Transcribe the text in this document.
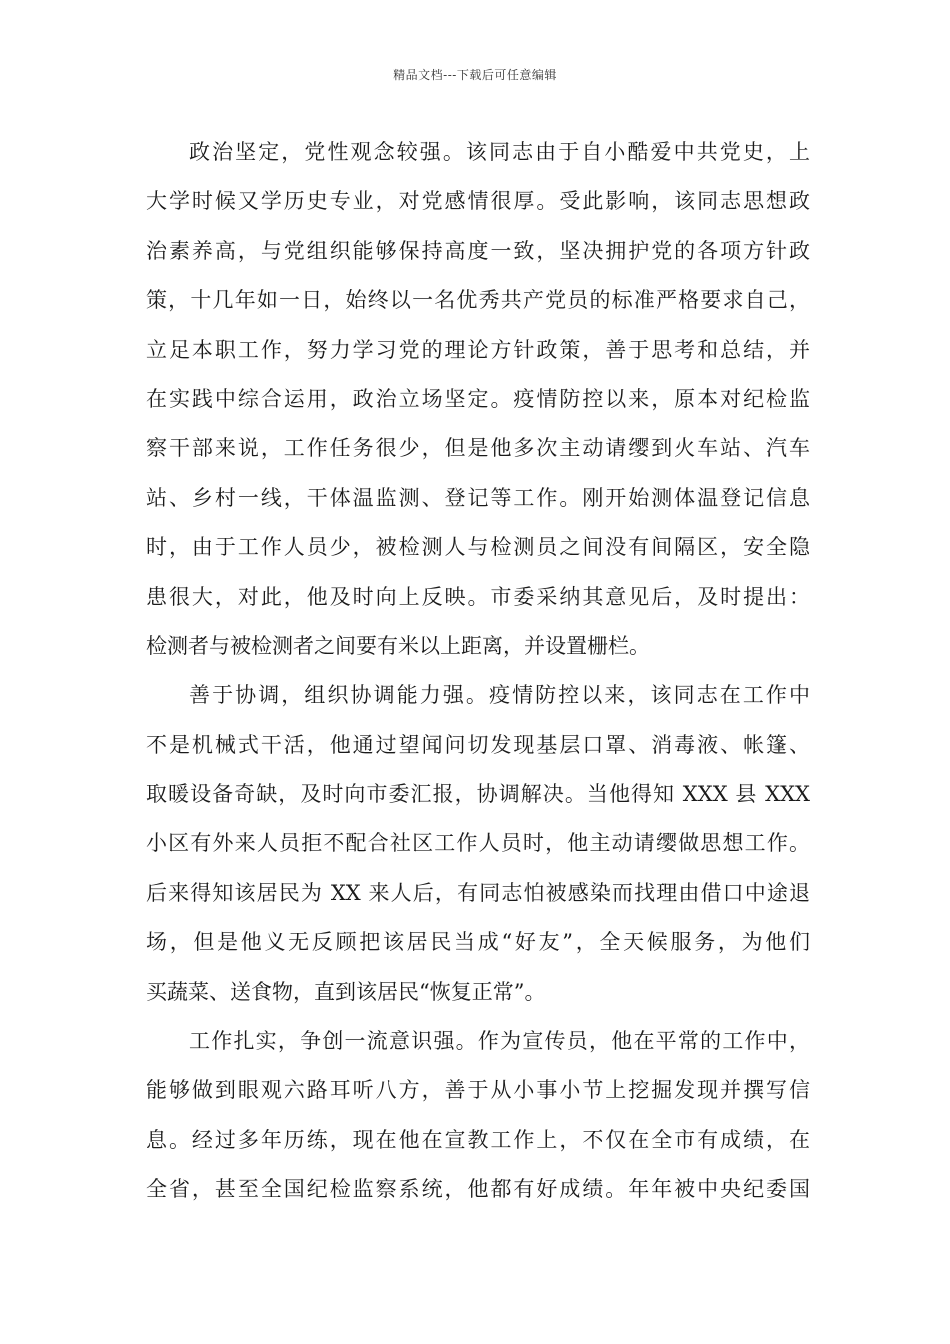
精品文档---下载后可任意编辑
政治坚定，党性观念较强。该同志由于自小酷爱中共党史，上
大学时候又学历史专业，对党感情很厚。受此影响，该同志思想政
治素养高，与党组织能够保持高度一致，坚决拥护党的各项方针政
策，十几年如一日，始终以一名优秀共产党员的标准严格要求自己，
立足本职工作，努力学习党的理论方针政策，善于思考和总结，并
在实践中综合运用，政治立场坚定。疫情防控以来，原本对纪检监
察干部来说，工作任务很少，但是他多次主动请缨到火车站、汽车
站、乡村一线，干体温监测、登记等工作。刚开始测体温登记信息
时，由于工作人员少，被检测人与检测员之间没有间隔区，安全隐
患很大，对此，他及时向上反映。市委采纳其意见后，及时提出：
检测者与被检测者之间要有米以上距离，并设置栅栏。
善于协调，组织协调能力强。疫情防控以来，该同志在工作中
不是机械式干活，他通过望闻问切发现基层口罩、消毒液、帐篷、
取暖设备奇缺，及时向市委汇报，协调解决。当他得知 XXX 县 XXX
小区有外来人员拒不配合社区工作人员时，他主动请缨做思想工作。
后来得知该居民为 XX 来人后，有同志怕被感染而找理由借口中途退
场，但是他义无反顾把该居民当成“好友”，全天候服务，为他们
买蔬菜、送食物，直到该居民“恢复正常”。
工作扎实，争创一流意识强。作为宣传员，他在平常的工作中，
能够做到眼观六路耳听八方，善于从小事小节上挖掘发现并撰写信
息。经过多年历练，现在他在宣教工作上，不仅在全市有成绩，在
全省，甚至全国纪检监察系统，他都有好成绩。年年被中央纪委国
